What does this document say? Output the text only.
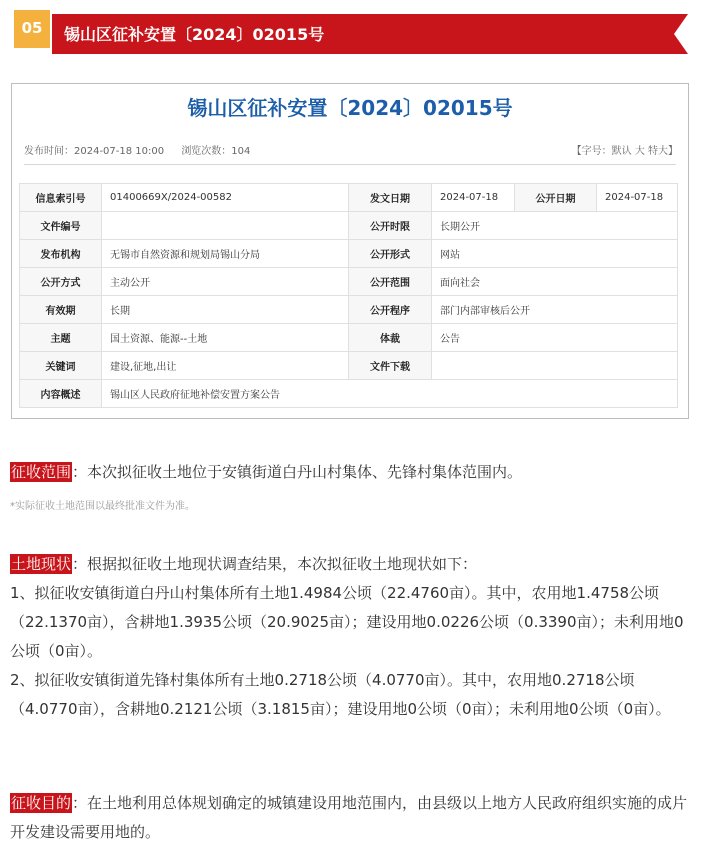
05	锡山区征补安置〔2024〕02015号
锡山区征补安置〔2024〕02015号
发布时间：2024-07-18 10:00 浏览次数：104	【字号：默认 大 特大】
信息索引号	01400669X/2024-00582	发文日期	2024-07-18	公开日期	2024-07-18
文件编号		公开时限	长期公开		
发布机构	无锡市自然资源和规划局锡山分局	公开形式	网站		
公开方式	主动公开	公开范围	面向社会		
有效期	长期	公开程序	部门内部审核后公开		
主题	国土资源、能源--土地	体裁	公告		
关键词	建设,征地,出让	文件下载			
内容概述	锡山区人民政府征地补偿安置方案公告				
征收范围：本次拟征收土地位于安镇街道白丹山村集体、先锋村集体范围内。
*实际征收土地范围以最终批准文件为准。
土地现状：根据拟征收土地现状调查结果，本次拟征收土地现状如下：
1、拟征收安镇街道白丹山村集体所有土地1.4984公顷（22.4760亩）。其中，农用地1.4758公顷（22.1370亩），含耕地1.3935公顷（20.9025亩）；建设用地0.0226公顷（0.3390亩）；未利用地0公顷（0亩）。
2、拟征收安镇街道先锋村集体所有土地0.2718公顷（4.0770亩）。其中，农用地0.2718公顷（4.0770亩），含耕地0.2121公顷（3.1815亩）；建设用地0公顷（0亩）；未利用地0公顷（0亩）。
征收目的：在土地利用总体规划确定的城镇建设用地范围内，由县级以上地方人民政府组织实施的成片开发建设需要用地的。
